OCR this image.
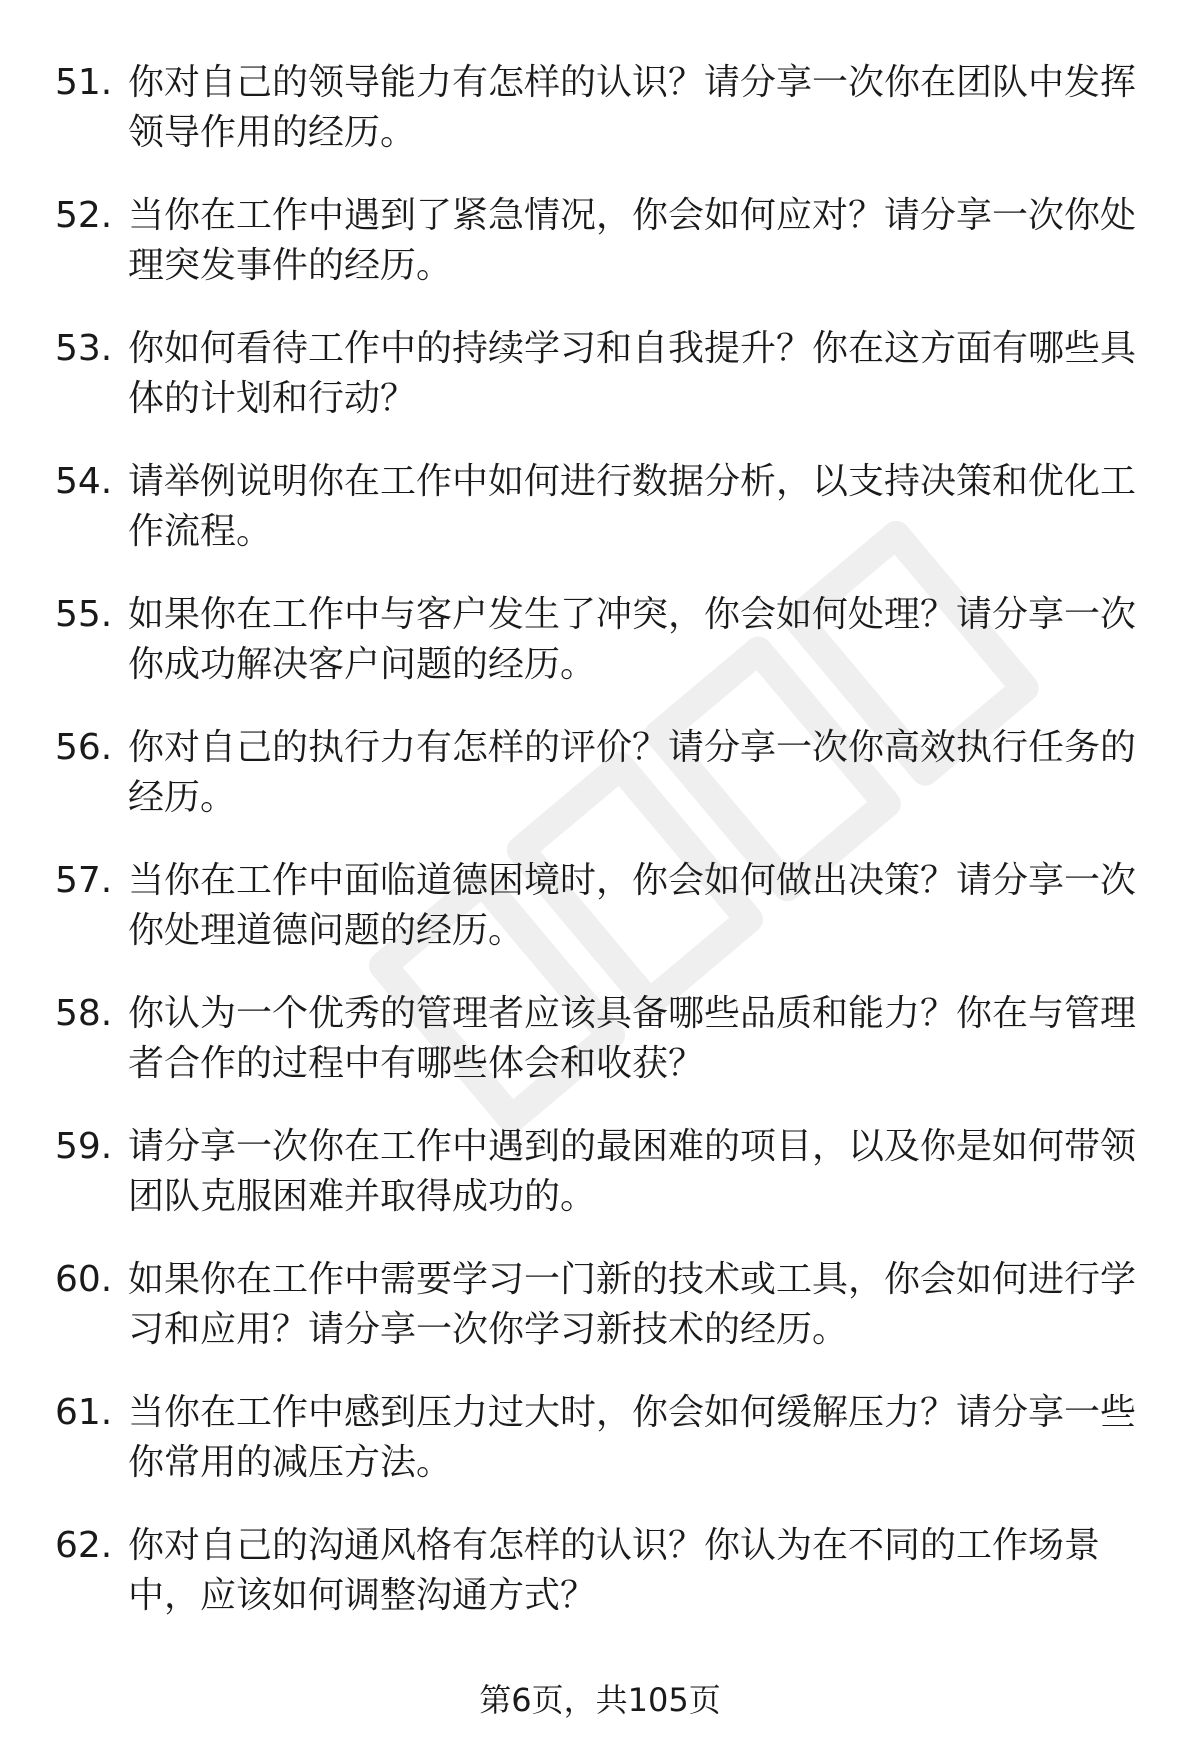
51. 你对自己的领导能力有怎样的认识？请分享一次你在团队中发挥领导作用的经历。
52. 当你在工作中遇到了紧急情况，你会如何应对？请分享一次你处理突发事件的经历。
53. 你如何看待工作中的持续学习和自我提升？你在这方面有哪些具体的计划和行动？
54. 请举例说明你在工作中如何进行数据分析，以支持决策和优化工作流程。
55. 如果你在工作中与客户发生了冲突，你会如何处理？请分享一次你成功解决客户问题的经历。
56. 你对自己的执行力有怎样的评价？请分享一次你高效执行任务的经历。
57. 当你在工作中面临道德困境时，你会如何做出决策？请分享一次你处理道德问题的经历。
58. 你认为一个优秀的管理者应该具备哪些品质和能力？你在与管理者合作的过程中有哪些体会和收获？
59. 请分享一次你在工作中遇到的最困难的项目，以及你是如何带领团队克服困难并取得成功的。
60. 如果你在工作中需要学习一门新的技术或工具，你会如何进行学习和应用？请分享一次你学习新技术的经历。
61. 当你在工作中感到压力过大时，你会如何缓解压力？请分享一些你常用的减压方法。
62. 你对自己的沟通风格有怎样的认识？你认为在不同的工作场景中，应该如何调整沟通方式？
第6页，共105页
